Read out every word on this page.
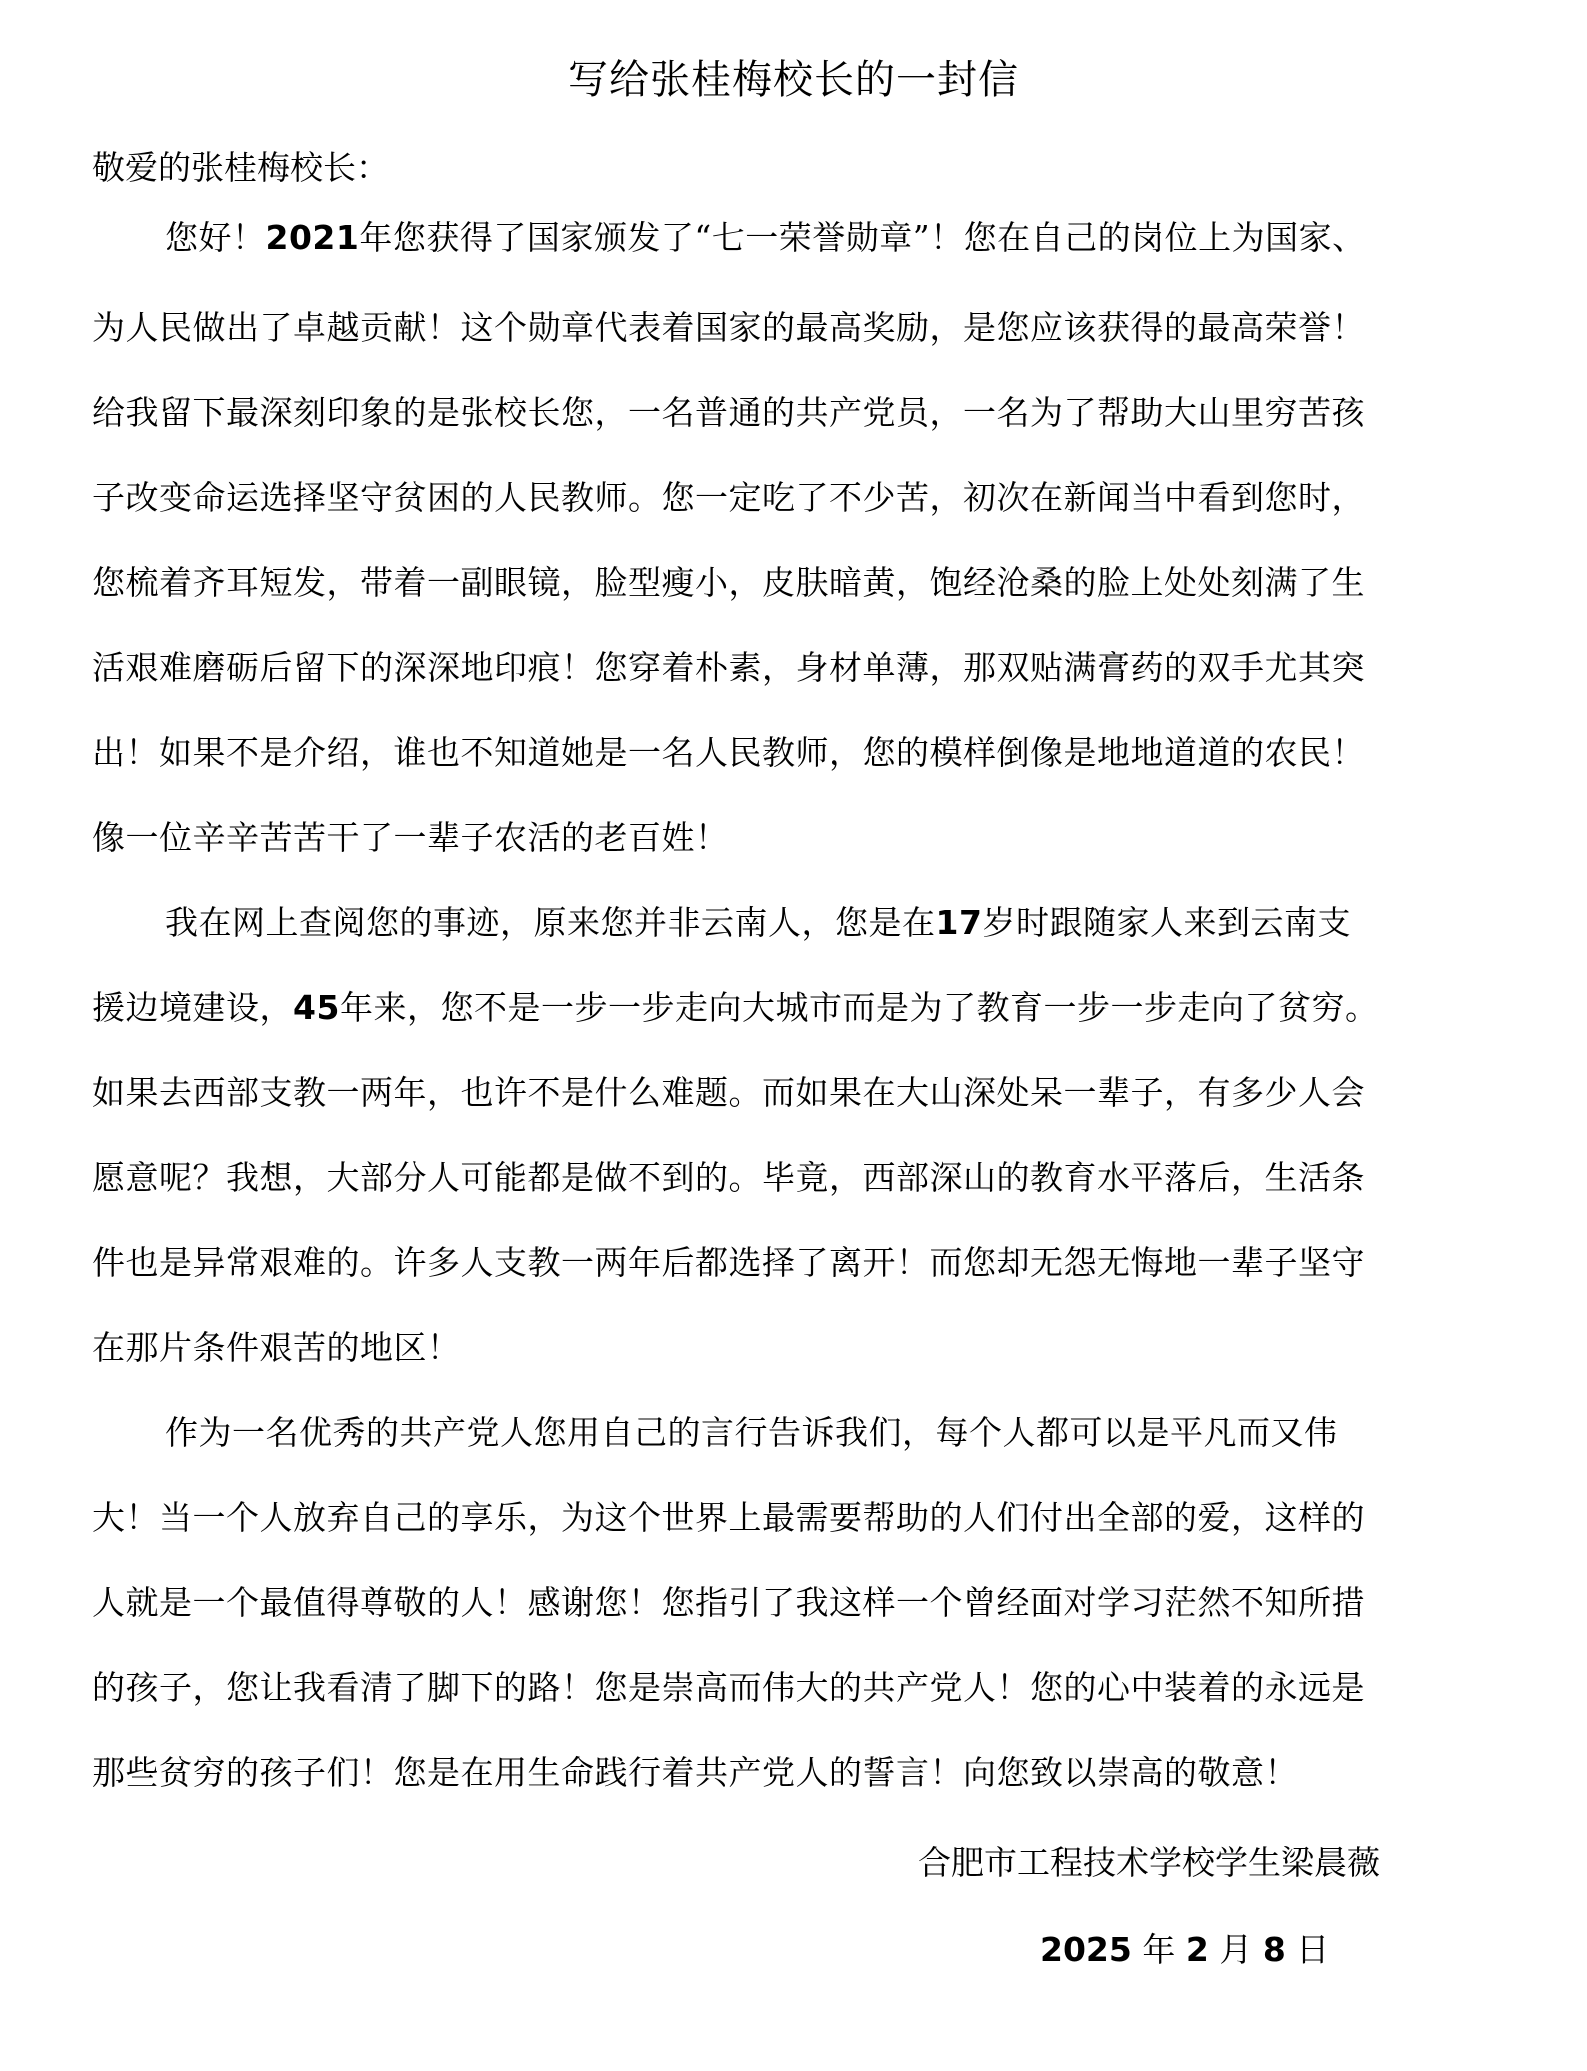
写给张桂梅校长的一封信
敬爱的张桂梅校长：
您好！2021年您获得了国家颁发了“七一荣誉勋章”！您在自己的岗位上为国家、
为人民做出了卓越贡献！这个勋章代表着国家的最高奖励，是您应该获得的最高荣誉！
给我留下最深刻印象的是张校长您，一名普通的共产党员，一名为了帮助大山里穷苦孩
子改变命运选择坚守贫困的人民教师。您一定吃了不少苦，初次在新闻当中看到您时，
您梳着齐耳短发，带着一副眼镜，脸型瘦小，皮肤暗黄，饱经沧桑的脸上处处刻满了生
活艰难磨砺后留下的深深地印痕！您穿着朴素，身材单薄，那双贴满膏药的双手尤其突
出！如果不是介绍，谁也不知道她是一名人民教师，您的模样倒像是地地道道的农民！
像一位辛辛苦苦干了一辈子农活的老百姓！
我在网上查阅您的事迹，原来您并非云南人，您是在17岁时跟随家人来到云南支
援边境建设，45年来，您不是一步一步走向大城市而是为了教育一步一步走向了贫穷。
如果去西部支教一两年，也许不是什么难题。而如果在大山深处呆一辈子，有多少人会
愿意呢？我想，大部分人可能都是做不到的。毕竟，西部深山的教育水平落后，生活条
件也是异常艰难的。许多人支教一两年后都选择了离开！而您却无怨无悔地一辈子坚守
在那片条件艰苦的地区！
作为一名优秀的共产党人您用自己的言行告诉我们，每个人都可以是平凡而又伟
大！当一个人放弃自己的享乐，为这个世界上最需要帮助的人们付出全部的爱，这样的
人就是一个最值得尊敬的人！感谢您！您指引了我这样一个曾经面对学习茫然不知所措
的孩子，您让我看清了脚下的路！您是崇高而伟大的共产党人！您的心中装着的永远是
那些贫穷的孩子们！您是在用生命践行着共产党人的誓言！向您致以崇高的敬意！
合肥市工程技术学校学生梁晨薇
2025 年 2 月 8 日
